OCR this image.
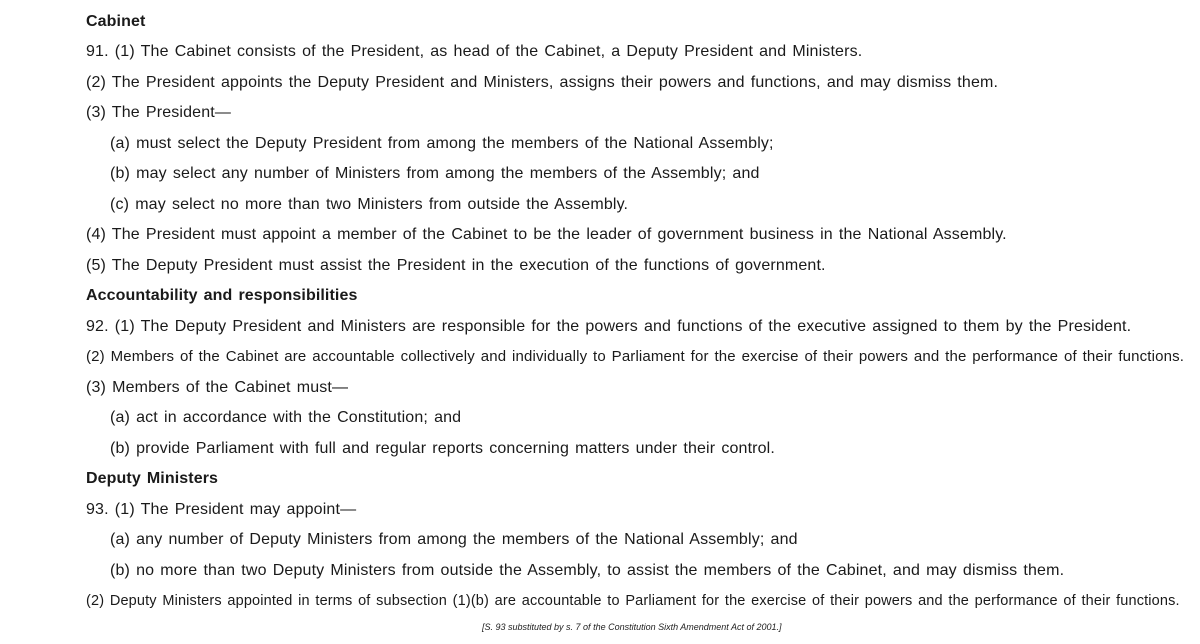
Cabinet
91. (1) The Cabinet consists of the President, as head of the Cabinet, a Deputy President and Ministers.
(2) The President appoints the Deputy President and Ministers, assigns their powers and functions, and may dismiss them.
(3) The President—
(a) must select the Deputy President from among the members of the National Assembly;
(b) may select any number of Ministers from among the members of the Assembly; and
(c) may select no more than two Ministers from outside the Assembly.
(4) The President must appoint a member of the Cabinet to be the leader of government business in the National Assembly.
(5) The Deputy President must assist the President in the execution of the functions of government.
Accountability and responsibilities
92. (1) The Deputy President and Ministers are responsible for the powers and functions of the executive assigned to them by the President.
(2) Members of the Cabinet are accountable collectively and individually to Parliament for the exercise of their powers and the performance of their functions.
(3) Members of the Cabinet must—
(a) act in accordance with the Constitution; and
(b) provide Parliament with full and regular reports concerning matters under their control.
Deputy Ministers
93. (1) The President may appoint—
(a) any number of Deputy Ministers from among the members of the National Assembly; and
(b) no more than two Deputy Ministers from outside the Assembly, to assist the members of the Cabinet, and may dismiss them.
(2) Deputy Ministers appointed in terms of subsection (1)(b) are accountable to Parliament for the exercise of their powers and the performance of their functions.
[S. 93 substituted by s. 7 of the Constitution Sixth Amendment Act of 2001.]
